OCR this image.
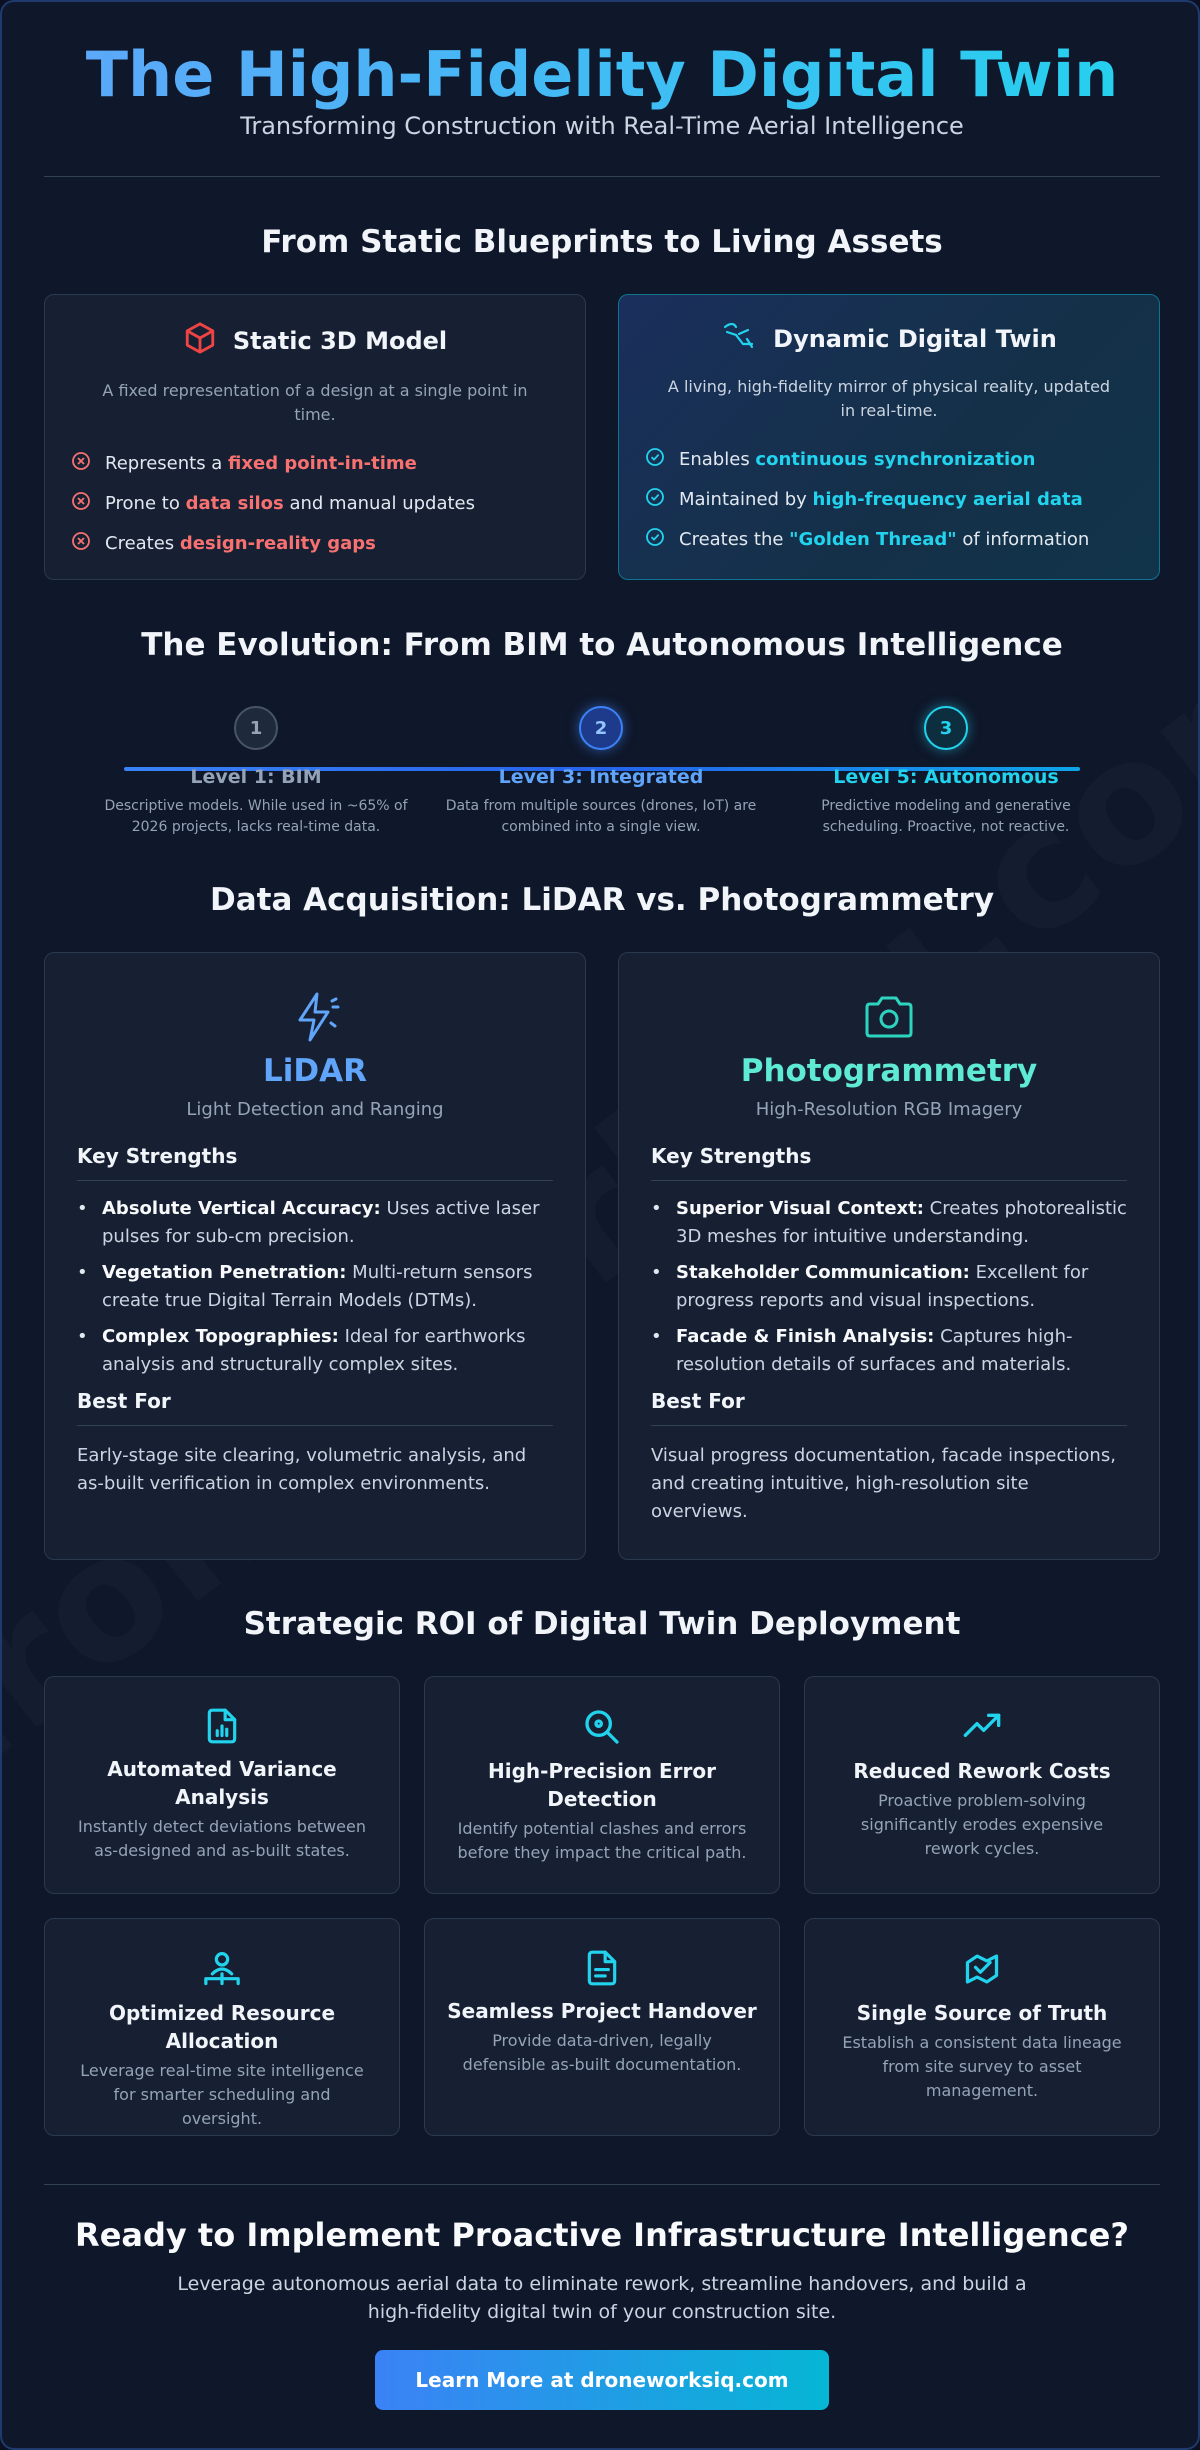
The High-Fidelity Digital Twin
Transforming Construction with Real-Time Aerial Intelligence
From Static Blueprints to Living Assets
Static 3D Model
A fixed representation of a design at a single point in time.
Represents a fixed point-in-time
Prone to data silos and manual updates
Creates design-reality gaps
Dynamic Digital Twin
A living, high-fidelity mirror of physical reality, updated in real-time.
Enables continuous synchronization
Maintained by high-frequency aerial data
Creates the "Golden Thread" of information
The Evolution: From BIM to Autonomous Intelligence
1	2	3
Level 1: BIM	Level 3: Integrated	Level 5: Autonomous
Descriptive models. While used in ~65% of 2026 projects, lacks real-time data.
Data from multiple sources (drones, IoT) are combined into a single view.
Predictive modeling and generative scheduling. Proactive, not reactive.
Data Acquisition: LiDAR vs. Photogrammetry
LiDAR
Light Detection and Ranging
Key Strengths
• Absolute Vertical Accuracy: Uses active laser pulses for sub-cm precision.
• Vegetation Penetration: Multi-return sensors create true Digital Terrain Models (DTMs).
• Complex Topographies: Ideal for earthworks analysis and structurally complex sites.
Best For
Early-stage site clearing, volumetric analysis, and as-built verification in complex environments.
Photogrammetry
High-Resolution RGB Imagery
Key Strengths
• Superior Visual Context: Creates photorealistic 3D meshes for intuitive understanding.
• Stakeholder Communication: Excellent for progress reports and visual inspections.
• Facade & Finish Analysis: Captures high-resolution details of surfaces and materials.
Best For
Visual progress documentation, facade inspections, and creating intuitive, high-resolution site overviews.
Strategic ROI of Digital Twin Deployment
Automated Variance Analysis
Instantly detect deviations between as-designed and as-built states.
High-Precision Error Detection
Identify potential clashes and errors before they impact the critical path.
Reduced Rework Costs
Proactive problem-solving significantly erodes expensive rework cycles.
Optimized Resource Allocation
Leverage real-time site intelligence for smarter scheduling and oversight.
Seamless Project Handover
Provide data-driven, legally defensible as-built documentation.
Single Source of Truth
Establish a consistent data lineage from site survey to asset management.
Ready to Implement Proactive Infrastructure Intelligence?
Leverage autonomous aerial data to eliminate rework, streamline handovers, and build a high-fidelity digital twin of your construction site.
Learn More at droneworksiq.com
